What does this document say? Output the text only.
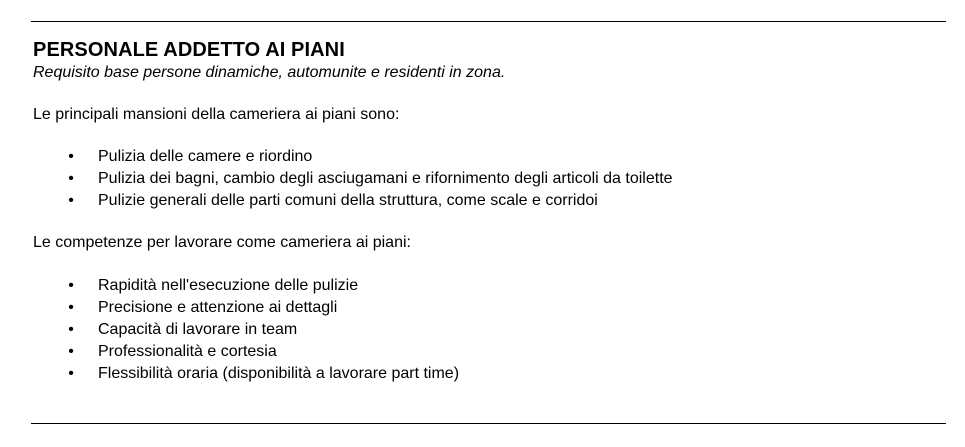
PERSONALE ADDETTO AI PIANI

Requisito base persone dinamiche, automunite e residenti in zona.

Le principali mansioni della cameriera ai piani sono:

• Pulizia delle camere e riordino
• Pulizia dei bagni, cambio degli asciugamani e rifornimento degli articoli da toilette
• Pulizie generali delle parti comuni della struttura, come scale e corridoi

Le competenze per lavorare come cameriera ai piani:

• Rapidità nell'esecuzione delle pulizie
• Precisione e attenzione ai dettagli
• Capacità di lavorare in team
• Professionalità e cortesia
• Flessibilità oraria (disponibilità a lavorare part time)
